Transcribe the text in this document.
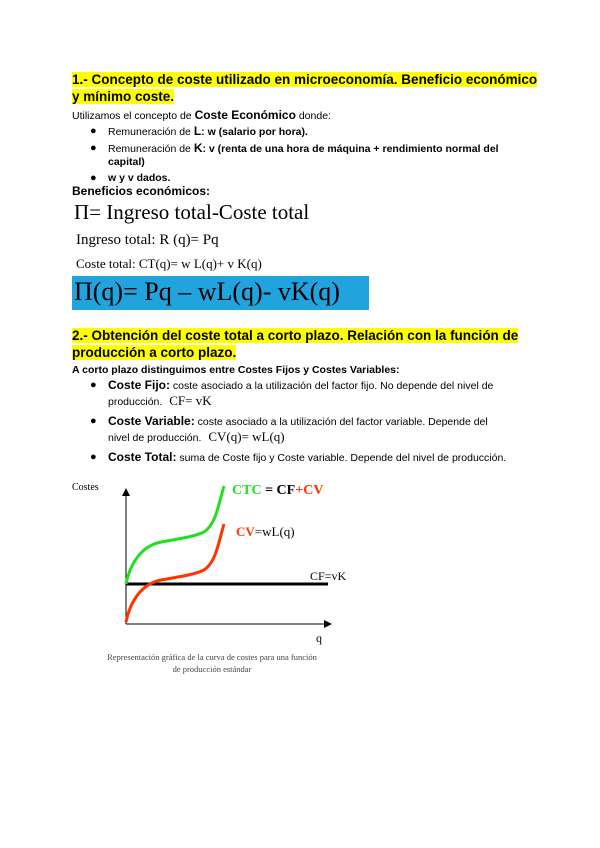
1.- Concepto de coste utilizado en microeconomía. Beneficio económico
y mínimo coste.
Utilizamos el concepto de Coste Económico donde:
● Remuneración de L: w (salario por hora).
● Remuneración de K: v (renta de una hora de máquina + rendimiento normal del
capital)
● w y v dados.
Beneficios económicos:
Π= Ingreso total-Coste total
Ingreso total: R (q)= Pq
Coste total: CT(q)= w L(q)+ v K(q)
Π(q)= Pq – wL(q)- vK(q)
2.- Obtención del coste total a corto plazo. Relación con la función de
producción a corto plazo.
A corto plazo distinguimos entre Costes Fijos y Costes Variables:
● Coste Fijo: coste asociado a la utilización del factor fijo. No depende del nivel de
producción. CF= vK
● Coste Variable: coste asociado a la utilización del factor variable. Depende del
nivel de producción. CV(q)= wL(q)
● Coste Total: suma de Coste fijo y Coste variable. Depende del nivel de producción.
Costes
q
CTC = CF+CV
CV=wL(q)
CF=vK
Representación gráfica de la curva de costes para una función
de producción estándar
